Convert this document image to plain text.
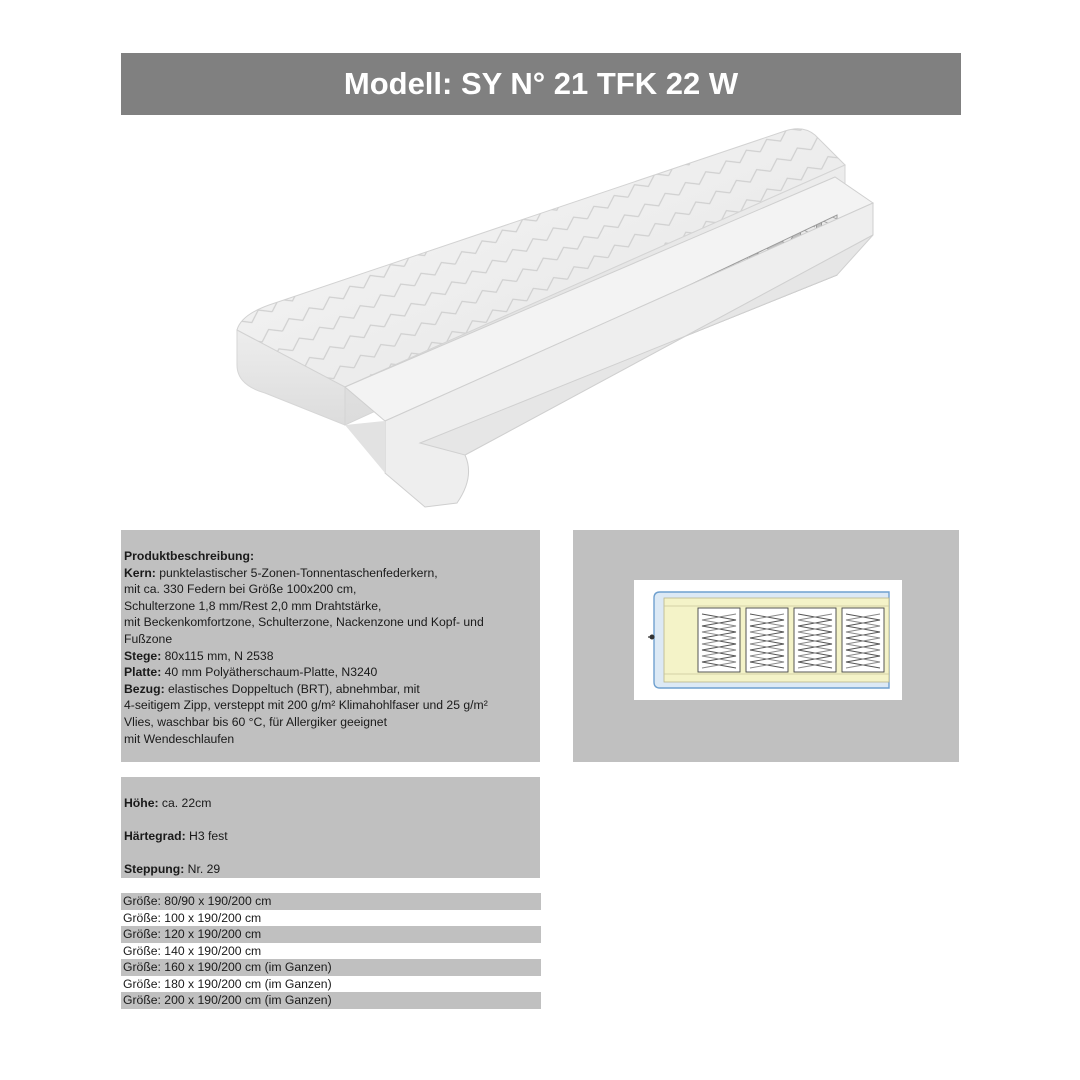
Modell: SY N° 21 TFK 22 W
Produktbeschreibung:
Kern: punktelastischer 5-Zonen-Tonnentaschenfederkern,
mit ca. 330 Federn bei Größe 100x200 cm,
Schulterzone 1,8 mm/Rest 2,0 mm Drahtstärke,
mit Beckenkomfortzone, Schulterzone, Nackenzone und Kopf- und
Fußzone
Stege: 80x115 mm, N 2538
Platte: 40 mm Polyätherschaum-Platte, N3240
Bezug: elastisches Doppeltuch (BRT), abnehmbar, mit
4-seitigem Zipp, versteppt mit 200 g/m² Klimahohlfaser und 25 g/m²
Vlies, waschbar bis 60 °C, für Allergiker geeignet
mit Wendeschlaufen
Höhe: ca. 22cm
Härtegrad: H3 fest
Steppung: Nr. 29
Größe: 80/90 x 190/200 cm
Größe: 100 x 190/200 cm
Größe: 120 x 190/200 cm
Größe: 140 x 190/200 cm
Größe: 160 x 190/200 cm (im Ganzen)
Größe: 180 x 190/200 cm (im Ganzen)
Größe: 200 x 190/200 cm (im Ganzen)
